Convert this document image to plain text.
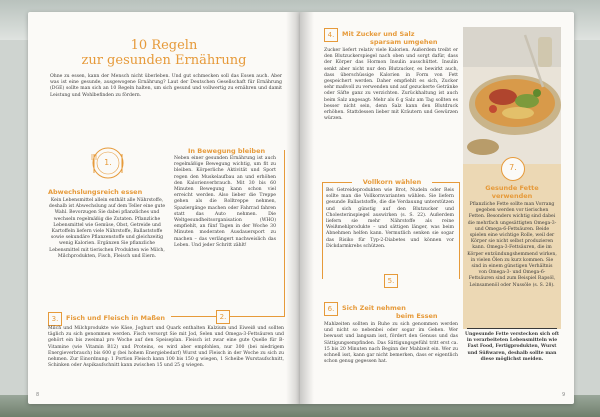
10 Regeln
zur gesunden Ernährung
Ohne zu essen, kann der Mensch nicht überleben. Und gut schmecken soll das Essen auch. Aber was ist eine gesunde, ausgewogene Ernährung? Laut der Deutschen Gesellschaft für Ernährung (DGE) sollte man sich an 10 Regeln halten, um sich gesund und vollwertig zu ernähren und damit Leistung und Wohlbefinden zu fördern.
1.
Abwechslungsreich essen
Kein Lebensmittel allein enthält alle Nährstoffe, deshalb ist Abwechslung auf dem Teller eine gute Wahl. Bevorzugen Sie dabei pflanzliches und wechseln regelmäßig die Zutaten. Pflanzliche Lebensmittel wie Gemüse, Obst, Getreide und Kartoffeln liefern viele Nährstoffe, Ballaststoffe sowie sekundäre Pflanzenstoffe und gleichzeitig wenig Kalorien. Ergänzen Sie pflanzliche Lebensmittel mit tierischen Produkten wie Milch, Milchprodukten, Fisch, Fleisch und Eiern.
In Bewegung bleiben
Neben einer gesunden Ernährung ist auch regelmäßige Bewegung wichtig, um fit zu bleiben. Körperliche Aktivität und Sport regen den Muskelaufbau an und erhöhen den Kalorienverbrauch. Mit 30 bis 60 Minuten Bewegung kann schon viel erreicht werden. Also lieber die Treppe gehen als die Rolltreppe nehmen, Spaziergänge machen oder Fahrrad fahren statt das Auto nehmen. Die Weltgesundheitsorganisation (WHO) empfiehlt, an fünf Tagen in der Woche 30 Minuten moderaten Ausdauersport zu machen – das verlängert nachweislich das Leben. Und jeder Schritt zählt!
2.
3.	Fisch und Fleisch in Maßen
Milch und Milchprodukte wie Käse, Joghurt und Quark enthalten Kalzium und Eiweiß und sollten täglich zu sich genommen werden. Fisch versorgt Sie mit Jod, Selen und Omega-3-Fettsäuren und gehört ein bis zweimal pro Woche auf den Speiseplan. Fleisch ist zwar eine gute Quelle für B-Vitamine (wie Vitamin B12) und Proteins, es wird aber empfohlen, nur 300 (bei niedrigem Energieverbrauch) bis 600 g (bei hohem Energiebedarf) Wurst und Fleisch in der Woche zu sich zu nehmen. Zur Einordnung: 1 Portion Fleisch kann 100 bis 150 g wiegen, 1 Scheibe Wurstaufschnitt, Schinken oder Aspikaufschnitt kann zwischen 15 und 25 g wiegen.
8
4.	Mit Zucker und Salz
sparsam umgehen
Zucker liefert relativ viele Kalorien. Außerdem treibt er den Blutzuckerspiegel nach oben und sorgt dafür, dass der Körper das Hormon Insulin ausschüttet. Insulin senkt aber nicht nur den Blutzucker, es bewirkt auch, dass überschüssige Kalorien in Form von Fett gespeichert werden. Daher empfiehlt es sich, Zucker sehr maßvoll zu verwenden und auf gezuckerte Getränke oder Säfte ganz zu verzichten. Zurückhaltung ist auch beim Salz angesagt: Mehr als 6 g Salz am Tag sollten es besser nicht sein, denn Salz kann den Blutdruck erhöhen. Stattdessen lieber mit Kräutern und Gewürzen würzen.
Vollkorn wählen
Bei Getreideprodukten wie Brot, Nudeln oder Reis sollte man die Vollkornvarianten wählen. Sie liefern gesunde Ballaststoffe, die die Verdauung unterstützen und sich günstig auf den Blutzucker und Cholesterinspiegel auswirken (s. S. 22). Außerdem liefern sie mehr Nährstoffe als reine Weißmehlprodukte – und sättigen länger, was beim Abnehmen helfen kann. Vermutlich senken sie sogar das Risiko für Typ-2-Diabetes und können vor Dickdarmkrebs schützen.
5.
6.	Sich Zeit nehmen
beim Essen
Mahlzeiten sollten in Ruhe zu sich genommen werden und nicht so nebenbei oder sogar im Gehen. Wer bewusst und langsam isst, fördert den Genuss und das Sättigungsempfinden. Das Sättigungsgefühl tritt erst ca. 15 bis 20 Minuten nach Beginn der Mahlzeit ein. Wer zu schnell isst, kann gar nicht bemerken, dass er eigentlich schon genug gegessen hat.
7.
Gesunde Fette
verwenden
Pflanzliche Fette sollte man Vorrang gegeben werden vor tierischen Fetten. Besonders wichtig sind dabei die mehrfach ungesättigten Omega-3- und Omega-6-Fettsäuren. Beide spielen eine wichtige Rolle, weil der Körper sie nicht selbst produzieren kann. Omega-3-Fettsäuren, die im Körper entzündungshemmend wirken, in vielen Ölen zu kurz kommen. Sie sind in einem günstigen Verhältnis von Omega-3- und Omega-6-Fettsäuren sind zum Beispiel Rapsöl, Leinsamenöl oder Nussöle (s. S. 28).
Ungesunde Fette verstecken sich oft in verarbeiteten Lebensmitteln wie Fast Food, Fertigprodukten, Wurst und Süßwaren, deshalb sollte man diese möglichst meiden.
9
